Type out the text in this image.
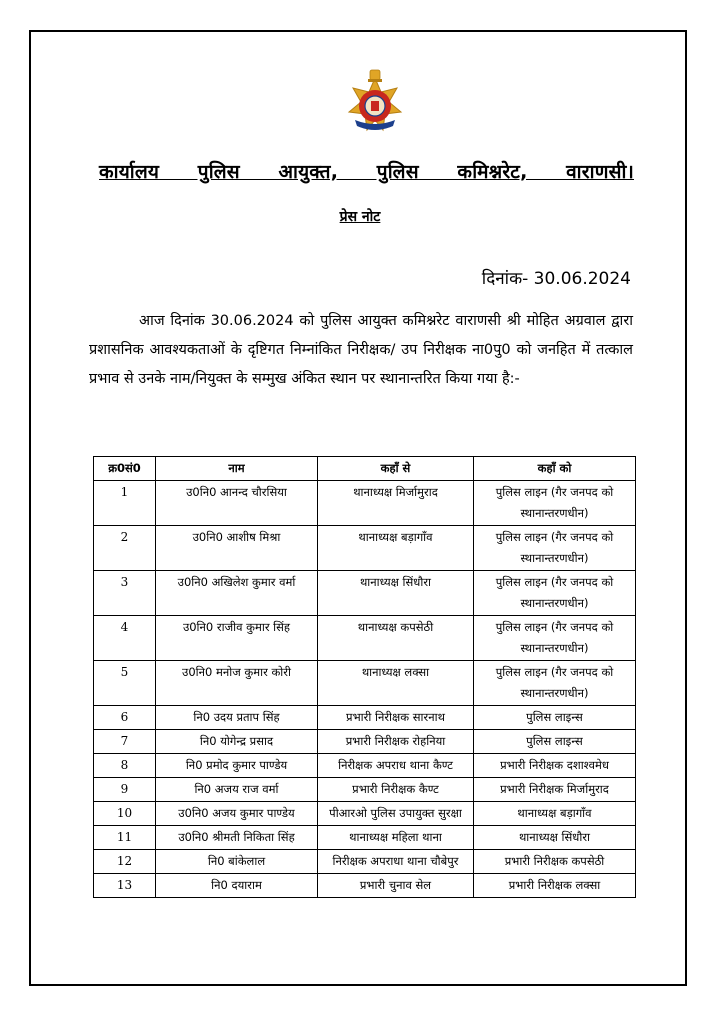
कार्यालय पुलिस आयुक्त, पुलिस कमिश्नरेट, वाराणसी।
प्रेस नोट
दिनांक- 30.06.2024
आज दिनांक 30.06.2024 को पुलिस आयुक्त कमिश्नरेट वाराणसी श्री मोहित अग्रवाल द्वारा प्रशासनिक आवश्यकताओं के दृष्टिगत निम्नांकित निरीक्षक/ उप निरीक्षक ना0पु0 को जनहित में तत्काल प्रभाव से उनके नाम/नियुक्त के सम्मुख अंकित स्थान पर स्थानान्तरित किया गया है:-
क्र0सं0	नाम	कहाँ से	कहाँ को
1	उ0नि0 आनन्द चौरसिया	थानाध्यक्ष मिर्जामुराद	पुलिस लाइन (गैर जनपद को स्थानान्तरणधीन)
2	उ0नि0 आशीष मिश्रा	थानाध्यक्ष बड़ागाँव	पुलिस लाइन (गैर जनपद को स्थानान्तरणधीन)
3	उ0नि0 अखिलेश कुमार वर्मा	थानाध्यक्ष सिंधौरा	पुलिस लाइन (गैर जनपद को स्थानान्तरणधीन)
4	उ0नि0 राजीव कुमार सिंह	थानाध्यक्ष कपसेठी	पुलिस लाइन (गैर जनपद को स्थानान्तरणधीन)
5	उ0नि0 मनोज कुमार कोरी	थानाध्यक्ष लक्सा	पुलिस लाइन (गैर जनपद को स्थानान्तरणधीन)
6	नि0 उदय प्रताप सिंह	प्रभारी निरीक्षक सारनाथ	पुलिस लाइन्स
7	नि0 योगेन्द्र प्रसाद	प्रभारी निरीक्षक रोहनिया	पुलिस लाइन्स
8	नि0 प्रमोद कुमार पाण्डेय	निरीक्षक अपराध थाना कैण्ट	प्रभारी निरीक्षक दशाश्वमेध
9	नि0 अजय राज वर्मा	प्रभारी निरीक्षक कैण्ट	प्रभारी निरीक्षक मिर्जामुराद
10	उ0नि0 अजय कुमार पाण्डेय	पीआरओ पुलिस उपायुक्त सुरक्षा	थानाध्यक्ष बड़ागाँव
11	उ0नि0 श्रीमती निकिता सिंह	थानाध्यक्ष महिला थाना	थानाध्यक्ष सिंधौरा
12	नि0 बांकेलाल	निरीक्षक अपराधा थाना चौबेपुर	प्रभारी निरीक्षक कपसेठी
13	नि0 दयाराम	प्रभारी चुनाव सेल	प्रभारी निरीक्षक लक्सा
